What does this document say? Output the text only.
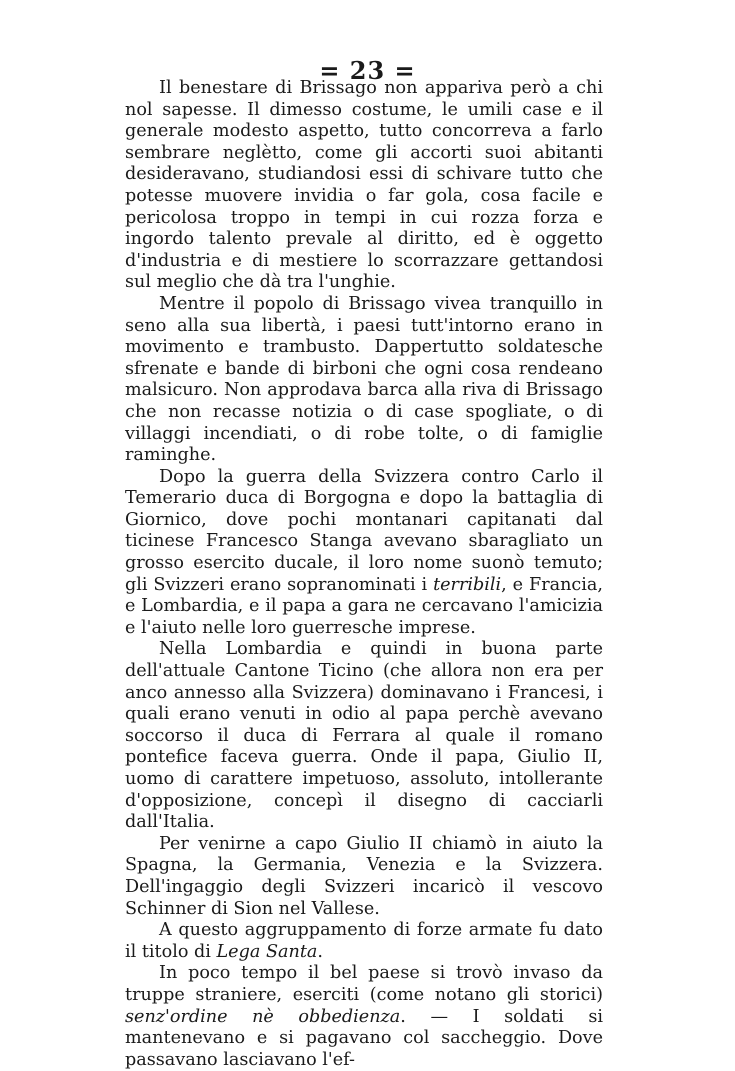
= 23 =

Il benestare di Brissago non appariva però a chi nol sapesse. Il dimesso costume, le umili case e il generale modesto aspetto, tutto concorreva a farlo sembrare neglètto, come gli accorti suoi abitanti desideravano, studiandosi essi di schivare tutto che potesse muovere invidia o far gola, cosa facile e pericolosa troppo in tempi in cui rozza forza e ingordo talento prevale al diritto, ed è oggetto d'industria e di mestiere lo scorrazzare gettandosi sul meglio che dà tra l'unghie.

Mentre il popolo di Brissago vivea tranquillo in seno alla sua libertà, i paesi tutt'intorno erano in movimento e trambusto. Dappertutto soldatesche sfrenate e bande di birboni che ogni cosa rendeano malsicuro. Non approdava barca alla riva di Brissago che non recasse notizia o di case spogliate, o di villaggi incendiati, o di robe tolte, o di famiglie raminghe.

Dopo la guerra della Svizzera contro Carlo il Temerario duca di Borgogna e dopo la battaglia di Giornico, dove pochi montanari capitanati dal ticinese Francesco Stanga avevano sbaragliato un grosso esercito ducale, il loro nome suonò temuto; gli Svizzeri erano sopranominati i terribili, e Francia, e Lombardia, e il papa a gara ne cercavano l'amicizia e l'aiuto nelle loro guerresche imprese.

Nella Lombardia e quindi in buona parte dell'attuale Cantone Ticino (che allora non era per anco annesso alla Svizzera) dominavano i Francesi, i quali erano venuti in odio al papa perchè avevano soccorso il duca di Ferrara al quale il romano pontefice faceva guerra. Onde il papa, Giulio II, uomo di carattere impetuoso, assoluto, intollerante d'opposizione, concepì il disegno di cacciarli dall'Italia.

Per venirne a capo Giulio II chiamò in aiuto la Spagna, la Germania, Venezia e la Svizzera. Dell'ingaggio degli Svizzeri incaricò il vescovo Schinner di Sion nel Vallese.

A questo aggruppamento di forze armate fu dato il titolo di Lega Santa.

In poco tempo il bel paese si trovò invaso da truppe straniere, eserciti (come notano gli storici) senz'ordine nè obbedienza. — I soldati si mantenevano e si pagavano col saccheggio. Dove passavano lasciavano l'ef-
